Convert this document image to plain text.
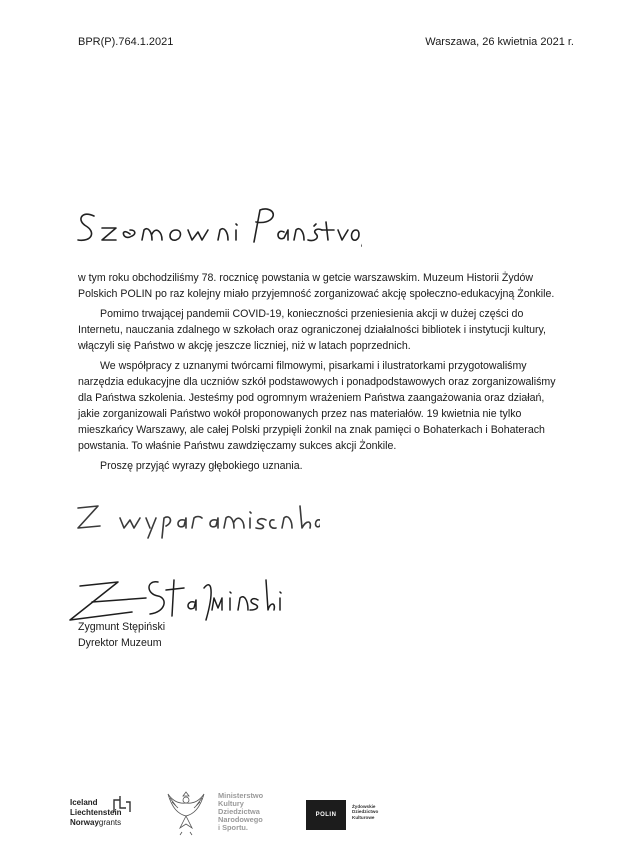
BPR(P).764.1.2021	Warszawa, 26 kwietnia 2021 r.

w tym roku obchodziliśmy 78. rocznicę powstania w getcie warszawskim. Muzeum Historii Żydów Polskich POLIN po raz kolejny miało przyjemność zorganizować akcję społeczno-edukacyjną Żonkile.

Pomimo trwającej pandemii COVID-19, konieczności przeniesienia akcji w dużej części do Internetu, nauczania zdalnego w szkołach oraz ograniczonej działalności bibliotek i instytucji kultury, włączyli się Państwo w akcję jeszcze liczniej, niż w latach poprzednich.

We współpracy z uznanymi twórcami filmowymi, pisarkami i ilustratorkami przygotowaliśmy narzędzia edukacyjne dla uczniów szkół podstawowych i ponadpodstawowych oraz zorganizowaliśmy dla Państwa szkolenia. Jesteśmy pod ogromnym wrażeniem Państwa zaangażowania oraz działań, jakie zorganizowali Państwo wokół proponowanych przez nas materiałów. 19 kwietnia nie tylko mieszkańcy Warszawy, ale całej Polski przypięli żonkil na znak pamięci o Bohaterkach i Bohaterach powstania. To właśnie Państwu zawdzięczamy sukces akcji Żonkile.

Proszę przyjąć wyrazy głębokiego uznania.

Zygmunt Stępiński
Dyrektor Muzeum
Iceland
Liechtenstein
Norwaygrants
Ministerstwo
Kultury
Dziedzictwa
Narodowego
i Sportu.
POLIN
Żydowskie
Dziedzictwo
Kulturowe
